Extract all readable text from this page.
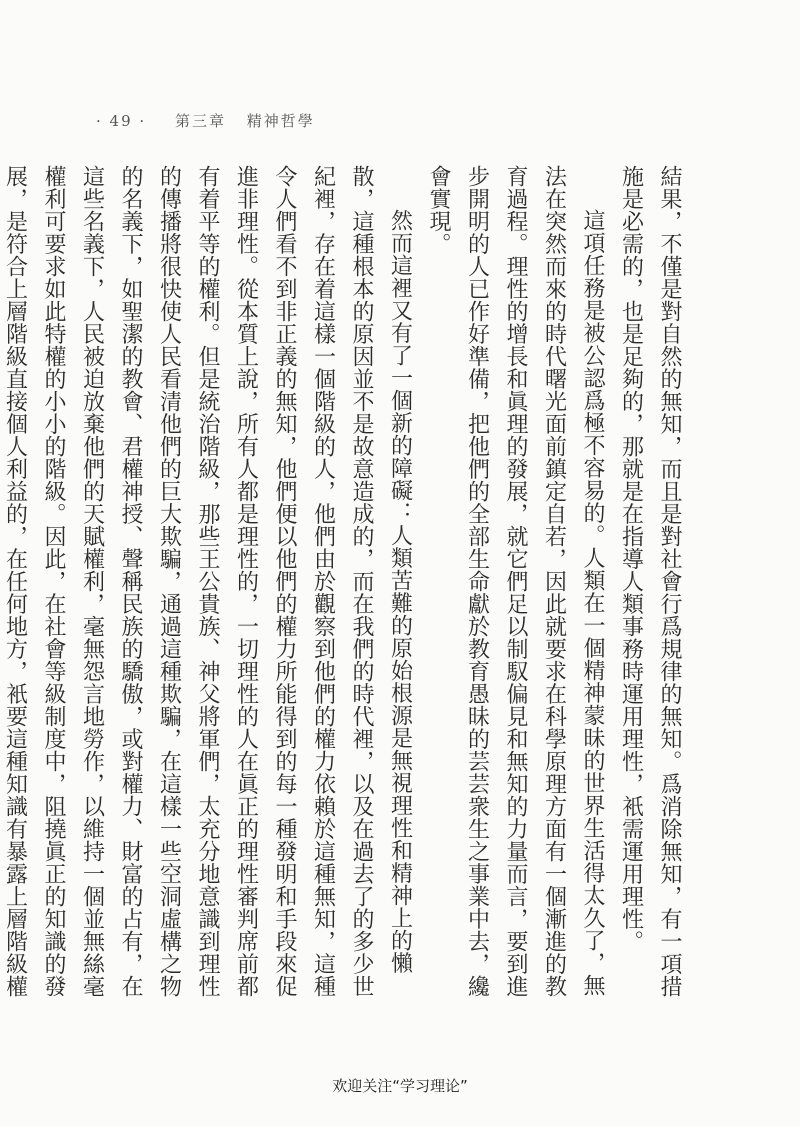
· 49 · 第三章 精神哲學

結果，不僅是對自然的無知，而且是對社會行爲規律的無知。爲消除無知，有一項措施是必需的，也是足夠的，那就是在指導人類事務時運用理性，衹需運用理性。

這項任務是被公認爲極不容易的。人類在一個精神蒙昧的世界生活得太久了，無法在突然而來的時代曙光面前鎮定自若，因此就要求在科學原理方面有一個漸進的教育過程。理性的增長和眞理的發展，就它們足以制馭偏見和無知的力量而言，要到進步開明的人已作好準備，把他們的全部生命獻於教育愚昧的芸芸衆生之事業中去，纔會實現。

然而這裡又有了一個新的障礙：人類苦難的原始根源是無視理性和精神上的懶散，這種根本的原因並不是故意造成的，而在我們的時代裡，以及在過去了的多少世紀裡，存在着這樣一個階級的人，他們由於觀察到他們的權力依賴於這種無知，這種令人們看不到非正義的無知，他們便以他們的權力所能得到的每一種發明和手段來促進非理性。從本質上說，所有人都是理性的，一切理性的人在眞正的理性審判席前都有着平等的權利。但是統治階級，那些王公貴族、神父將軍們，太充分地意識到理性的傳播將很快使人民看清他們的巨大欺騙，通過這種欺騙，在這樣一些空洞虛構之物的名義下，如聖潔的教會、君權神授、聲稱民族的驕傲，或對權力、財富的占有，在這些名義下，人民被迫放棄他們的天賦權利，毫無怨言地勞作，以維持一個並無絲毫權利可要求如此特權的小小的階級。因此，在社會等級制度中，阻撓眞正的知識的發展，是符合上層階級直接個人利益的，在任何地方，衹要這種知識有暴露上層階級權

欢迎关注“学习理论”
